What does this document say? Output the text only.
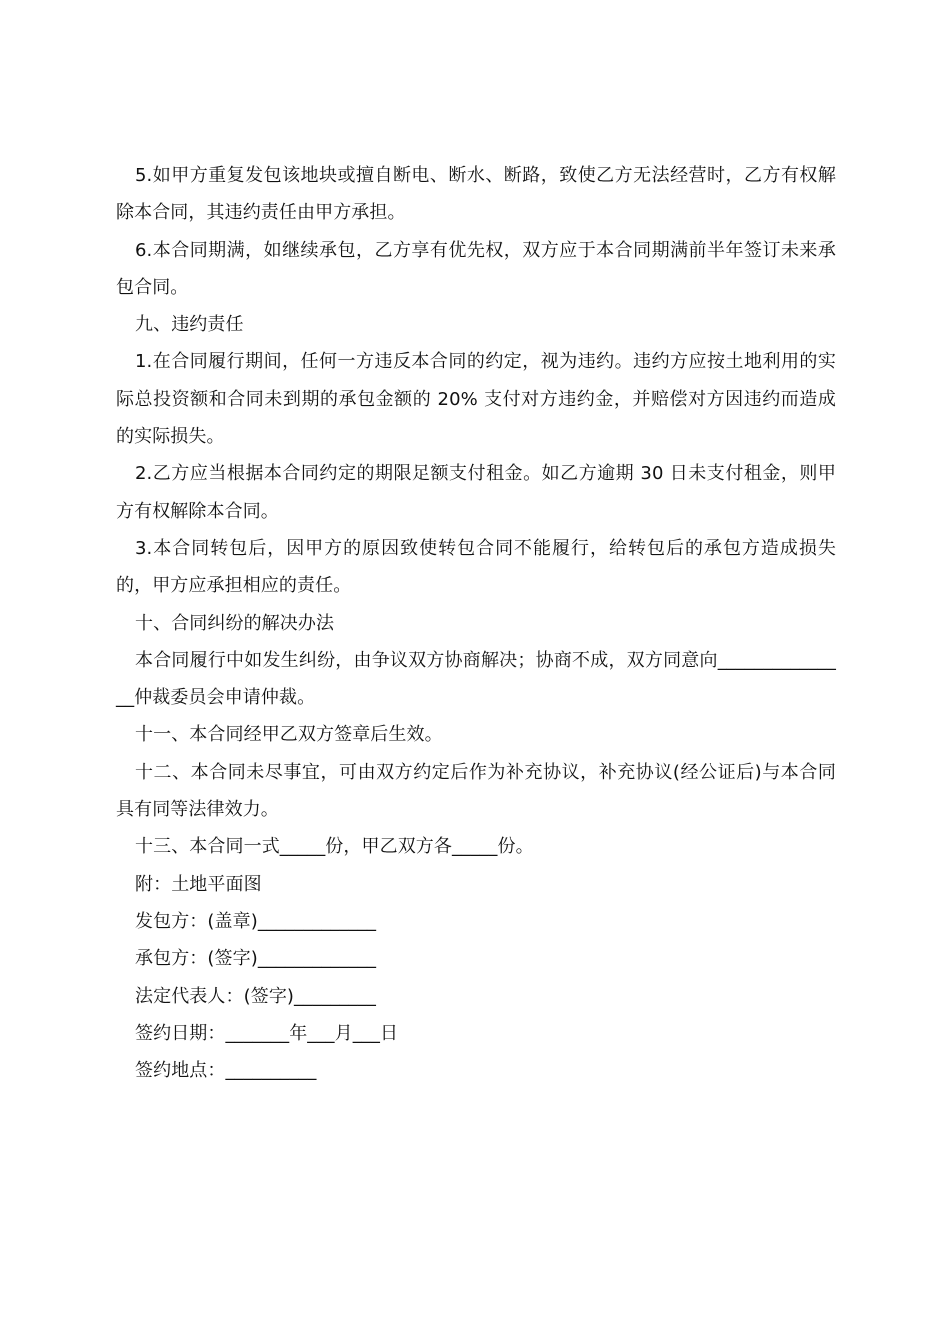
5.如甲方重复发包该地块或擅自断电、断水、断路，致使乙方无法经营时，乙方有权解除本合同，其违约责任由甲方承担。

6.本合同期满，如继续承包，乙方享有优先权，双方应于本合同期满前半年签订未来承包合同。

九、违约责任

1.在合同履行期间，任何一方违反本合同的约定，视为违约。违约方应按土地利用的实际总投资额和合同未到期的承包金额的 20% 支付对方违约金，并赔偿对方因违约而造成的实际损失。

2.乙方应当根据本合同约定的期限足额支付租金。如乙方逾期 30 日未支付租金，则甲方有权解除本合同。

3.本合同转包后，因甲方的原因致使转包合同不能履行，给转包后的承包方造成损失的，甲方应承担相应的责任。

十、合同纠纷的解决办法

本合同履行中如发生纠纷，由争议双方协商解决；协商不成，双方同意向_______________仲裁委员会申请仲裁。

十一、本合同经甲乙双方签章后生效。

十二、本合同未尽事宜，可由双方约定后作为补充协议，补充协议(经公证后)与本合同具有同等法律效力。

十三、本合同一式_____份，甲乙双方各_____份。

附：土地平面图

发包方：(盖章)_____________

承包方：(签字)_____________

法定代表人：(签字)_________

签约日期：_______年___月___日

签约地点：__________
